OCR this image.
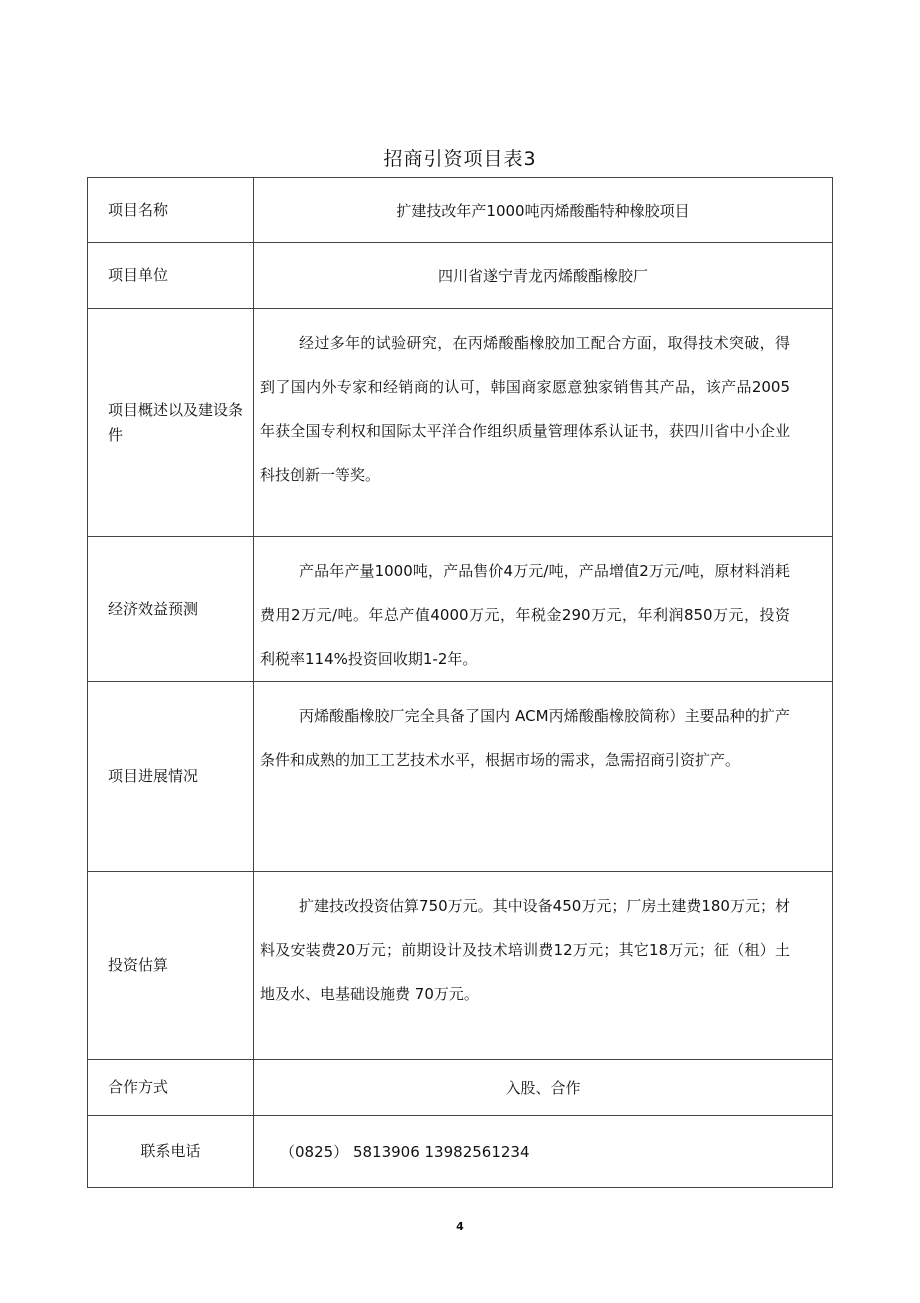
招商引资项目表3
项目名称	扩建技改年产1000吨丙烯酸酯特种橡胶项目
项目单位	四川省遂宁青龙丙烯酸酯橡胶厂
项目概述以及建设条件	经过多年的试验研究，在丙烯酸酯橡胶加工配合方面，取得技术突破，得到了国内外专家和经销商的认可，韩国商家愿意独家销售其产品，该产品2005年获全国专利权和国际太平洋合作组织质量管理体系认证书，获四川省中小企业科技创新一等奖。

经济效益预测	产品年产量1000吨，产品售价4万元/吨，产品增值2万元/吨，原材料消耗费用2万元/吨。年总产值4000万元，年税金290万元，年利润850万元，投资利税率114%投资回收期1-2年。

项目进展情况	丙烯酸酯橡胶厂完全具备了国内 ACM丙烯酸酯橡胶简称）主要品种的扩产条件和成熟的加工工艺技术水平，根据市场的需求，急需招商引资扩产。

投资估算	扩建技改投资估算750万元。其中设备450万元；厂房土建费180万元；材料及安装费20万元；前期设计及技术培训费12万元；其它18万元；征（租）土地及水、电基础设施费 70万元。

合作方式	入股、合作
联系电话	（0825） 5813906 13982561234
4
